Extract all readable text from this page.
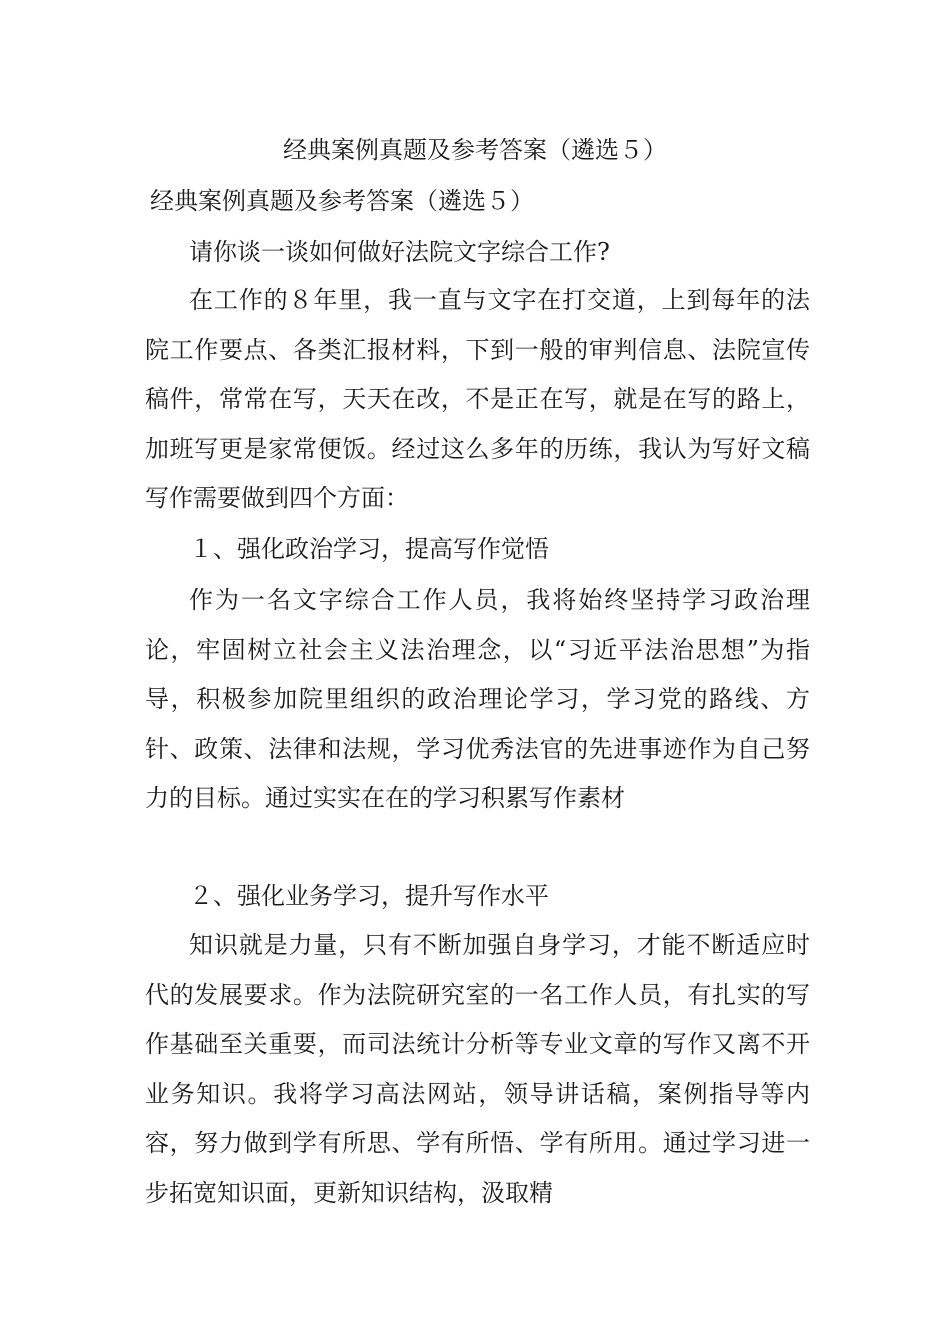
经典案例真题及参考答案（遴选５）
经典案例真题及参考答案（遴选５）

请你谈一谈如何做好法院文字综合工作?

在工作的８年里，我一直与文字在打交道，上到每年的法院工作要点、各类汇报材料，下到一般的审判信息、法院宣传稿件，常常在写，天天在改，不是正在写，就是在写的路上，加班写更是家常便饭。经过这么多年的历练，我认为写好文稿写作需要做到四个方面：

１、强化政治学习，提高写作觉悟

作为一名文字综合工作人员，我将始终坚持学习政治理论，牢固树立社会主义法治理念，以“习近平法治思想”为指导，积极参加院里组织的政治理论学习，学习党的路线、方针、政策、法律和法规，学习优秀法官的先进事迹作为自己努力的目标。通过实实在在的学习积累写作素材

２、强化业务学习，提升写作水平

知识就是力量，只有不断加强自身学习，才能不断适应时代的发展要求。作为法院研究室的一名工作人员，有扎实的写作基础至关重要，而司法统计分析等专业文章的写作又离不开业务知识。我将学习高法网站，领导讲话稿，案例指导等内容，努力做到学有所思、学有所悟、学有所用。通过学习进一步拓宽知识面，更新知识结构，汲取精
